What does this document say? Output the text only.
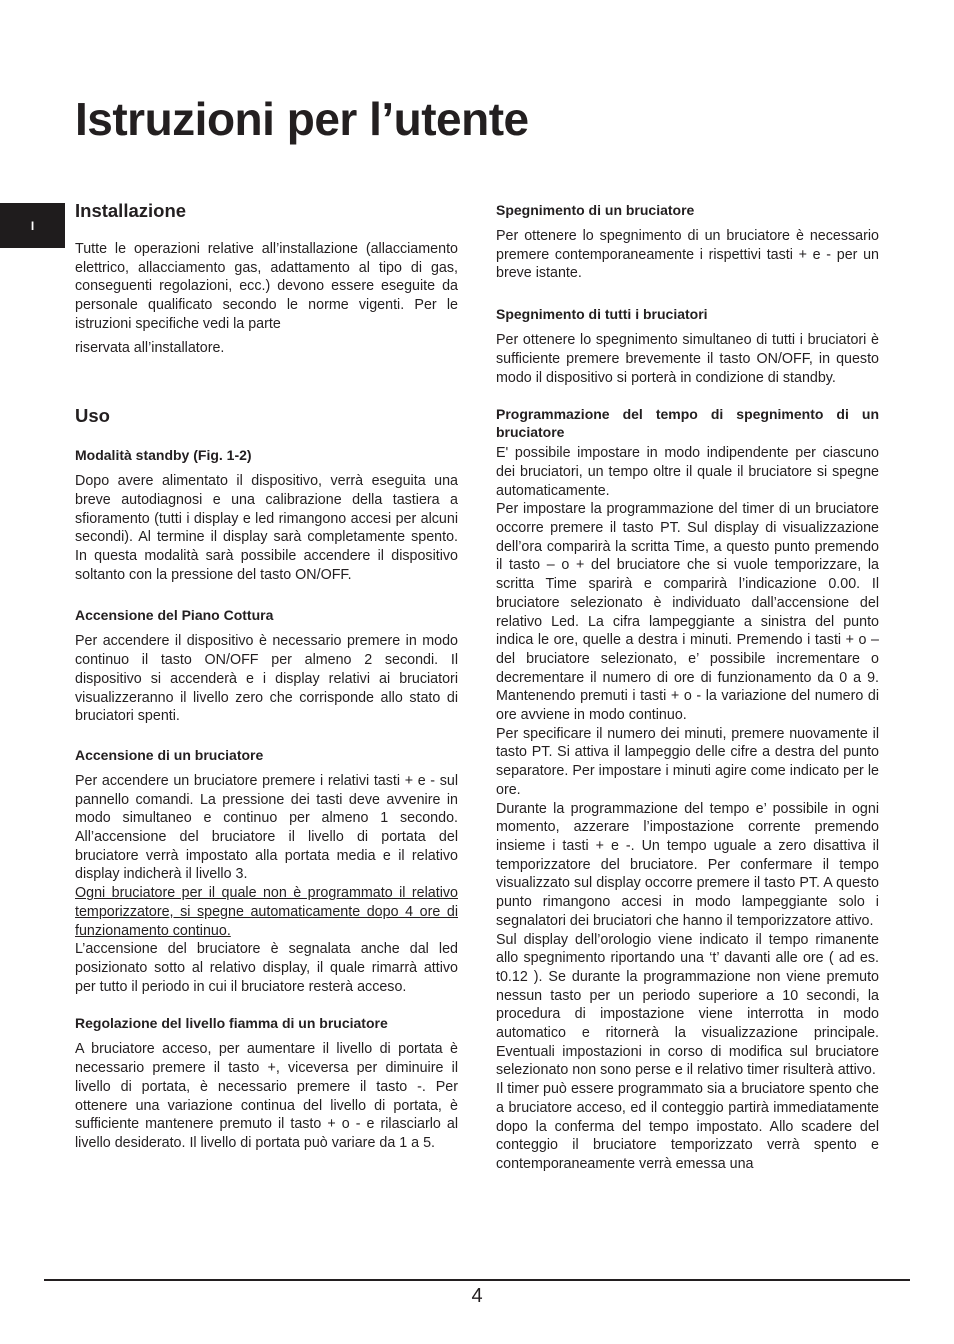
Istruzioni per l’utente
I
Installazione

Tutte le operazioni relative all’installazione (allacciamento elettrico, allacciamento gas, adattamento al tipo di gas, conseguenti regolazioni, ecc.) devono essere eseguite da personale qualificato secondo le norme vigenti. Per le istruzioni specifiche vedi la parte

riservata all’installatore.

Uso
Modalità standby (Fig. 1-2)

Dopo avere alimentato il dispositivo, verrà eseguita una breve autodiagnosi e una calibrazione della tastiera a sfioramento (tutti i display e led rimangono accesi per alcuni secondi). Al termine il display sarà completamente spento. In questa modalità sarà possibile accendere il dispositivo soltanto con la pressione del tasto ON/OFF.

Accensione del Piano Cottura

Per accendere il dispositivo è necessario premere in modo continuo il tasto ON/OFF per almeno 2 secondi. Il dispositivo si accenderà e i display relativi ai bruciatori visualizzeranno il livello zero che corrisponde allo stato di bruciatori spenti.

Accensione di un bruciatore

Per accendere un bruciatore premere i relativi tasti + e - sul pannello comandi. La pressione dei tasti deve avvenire in modo simultaneo e continuo per almeno 1 secondo. All’accensione del bruciatore il livello di portata del bruciatore verrà impostato alla portata media e il relativo display indicherà il livello 3.

Ogni bruciatore per il quale non è programmato il relativo temporizzatore, si spegne automaticamente dopo 4 ore di funzionamento continuo.

L’accensione del bruciatore è segnalata anche dal led posizionato sotto al relativo display, il quale rimarrà attivo per tutto il periodo in cui il bruciatore resterà acceso.

Regolazione del livello fiamma di un bruciatore

A bruciatore acceso, per aumentare il livello di portata è necessario premere il tasto +, viceversa per diminuire il livello di portata, è necessario premere il tasto -. Per ottenere una variazione continua del livello di portata, è sufficiente mantenere premuto il tasto + o - e rilasciarlo al livello desiderato. Il livello di portata può variare da 1 a 5.

Spegnimento di un bruciatore

Per ottenere lo spegnimento di un bruciatore è necessario premere contemporaneamente i rispettivi tasti + e - per un breve istante.

Spegnimento di tutti i bruciatori

Per ottenere lo spegnimento simultaneo di tutti i bruciatori è sufficiente premere brevemente il tasto ON/OFF, in questo modo il dispositivo si porterà in condizione di standby.

Programmazione del tempo di spegnimento di un bruciatore

E' possibile impostare in modo indipendente per ciascuno dei bruciatori, un tempo oltre il quale il bruciatore si spegne automaticamente.

Per impostare la programmazione del timer di un bruciatore occorre premere il tasto PT. Sul display di visualizzazione dell’ora comparirà la scritta Time, a questo punto premendo il tasto – o + del bruciatore che si vuole temporizzare, la scritta Time sparirà e comparirà l’indicazione 0.00. Il bruciatore selezionato è individuato dall’accensione del relativo Led. La cifra lampeggiante a sinistra del punto indica le ore, quelle a destra i minuti. Premendo i tasti + o – del bruciatore selezionato, e’ possibile incrementare o decrementare il numero di ore di funzionamento da 0 a 9. Mantenendo premuti i tasti + o - la variazione del numero di ore avviene in modo continuo.

Per specificare il numero dei minuti, premere nuovamente il tasto PT. Si attiva il lampeggio delle cifre a destra del punto separatore. Per impostare i minuti agire come indicato per le ore.

Durante la programmazione del tempo e’ possibile in ogni momento, azzerare l’impostazione corrente premendo insieme i tasti + e -. Un tempo uguale a zero disattiva il temporizzatore del bruciatore. Per confermare il tempo visualizzato sul display occorre premere il tasto PT. A questo punto rimangono accesi in modo lampeggiante solo i segnalatori dei bruciatori che hanno il temporizzatore attivo.

Sul display dell’orologio viene indicato il tempo rimanente allo spegnimento riportando una ‘t’ davanti alle ore ( ad es. t0.12 ). Se durante la programmazione non viene premuto nessun tasto per un periodo superiore a 10 secondi, la procedura di impostazione viene interrotta in modo automatico e ritornerà la visualizzazione principale. Eventuali impostazioni in corso di modifica sul bruciatore selezionato non sono perse e il relativo timer risulterà attivo.

Il timer può essere programmato sia a bruciatore spento che a bruciatore acceso, ed il conteggio partirà immediatamente dopo la conferma del tempo impostato. Allo scadere del conteggio il bruciatore temporizzato verrà spento e contemporaneamente verrà emessa una

4
